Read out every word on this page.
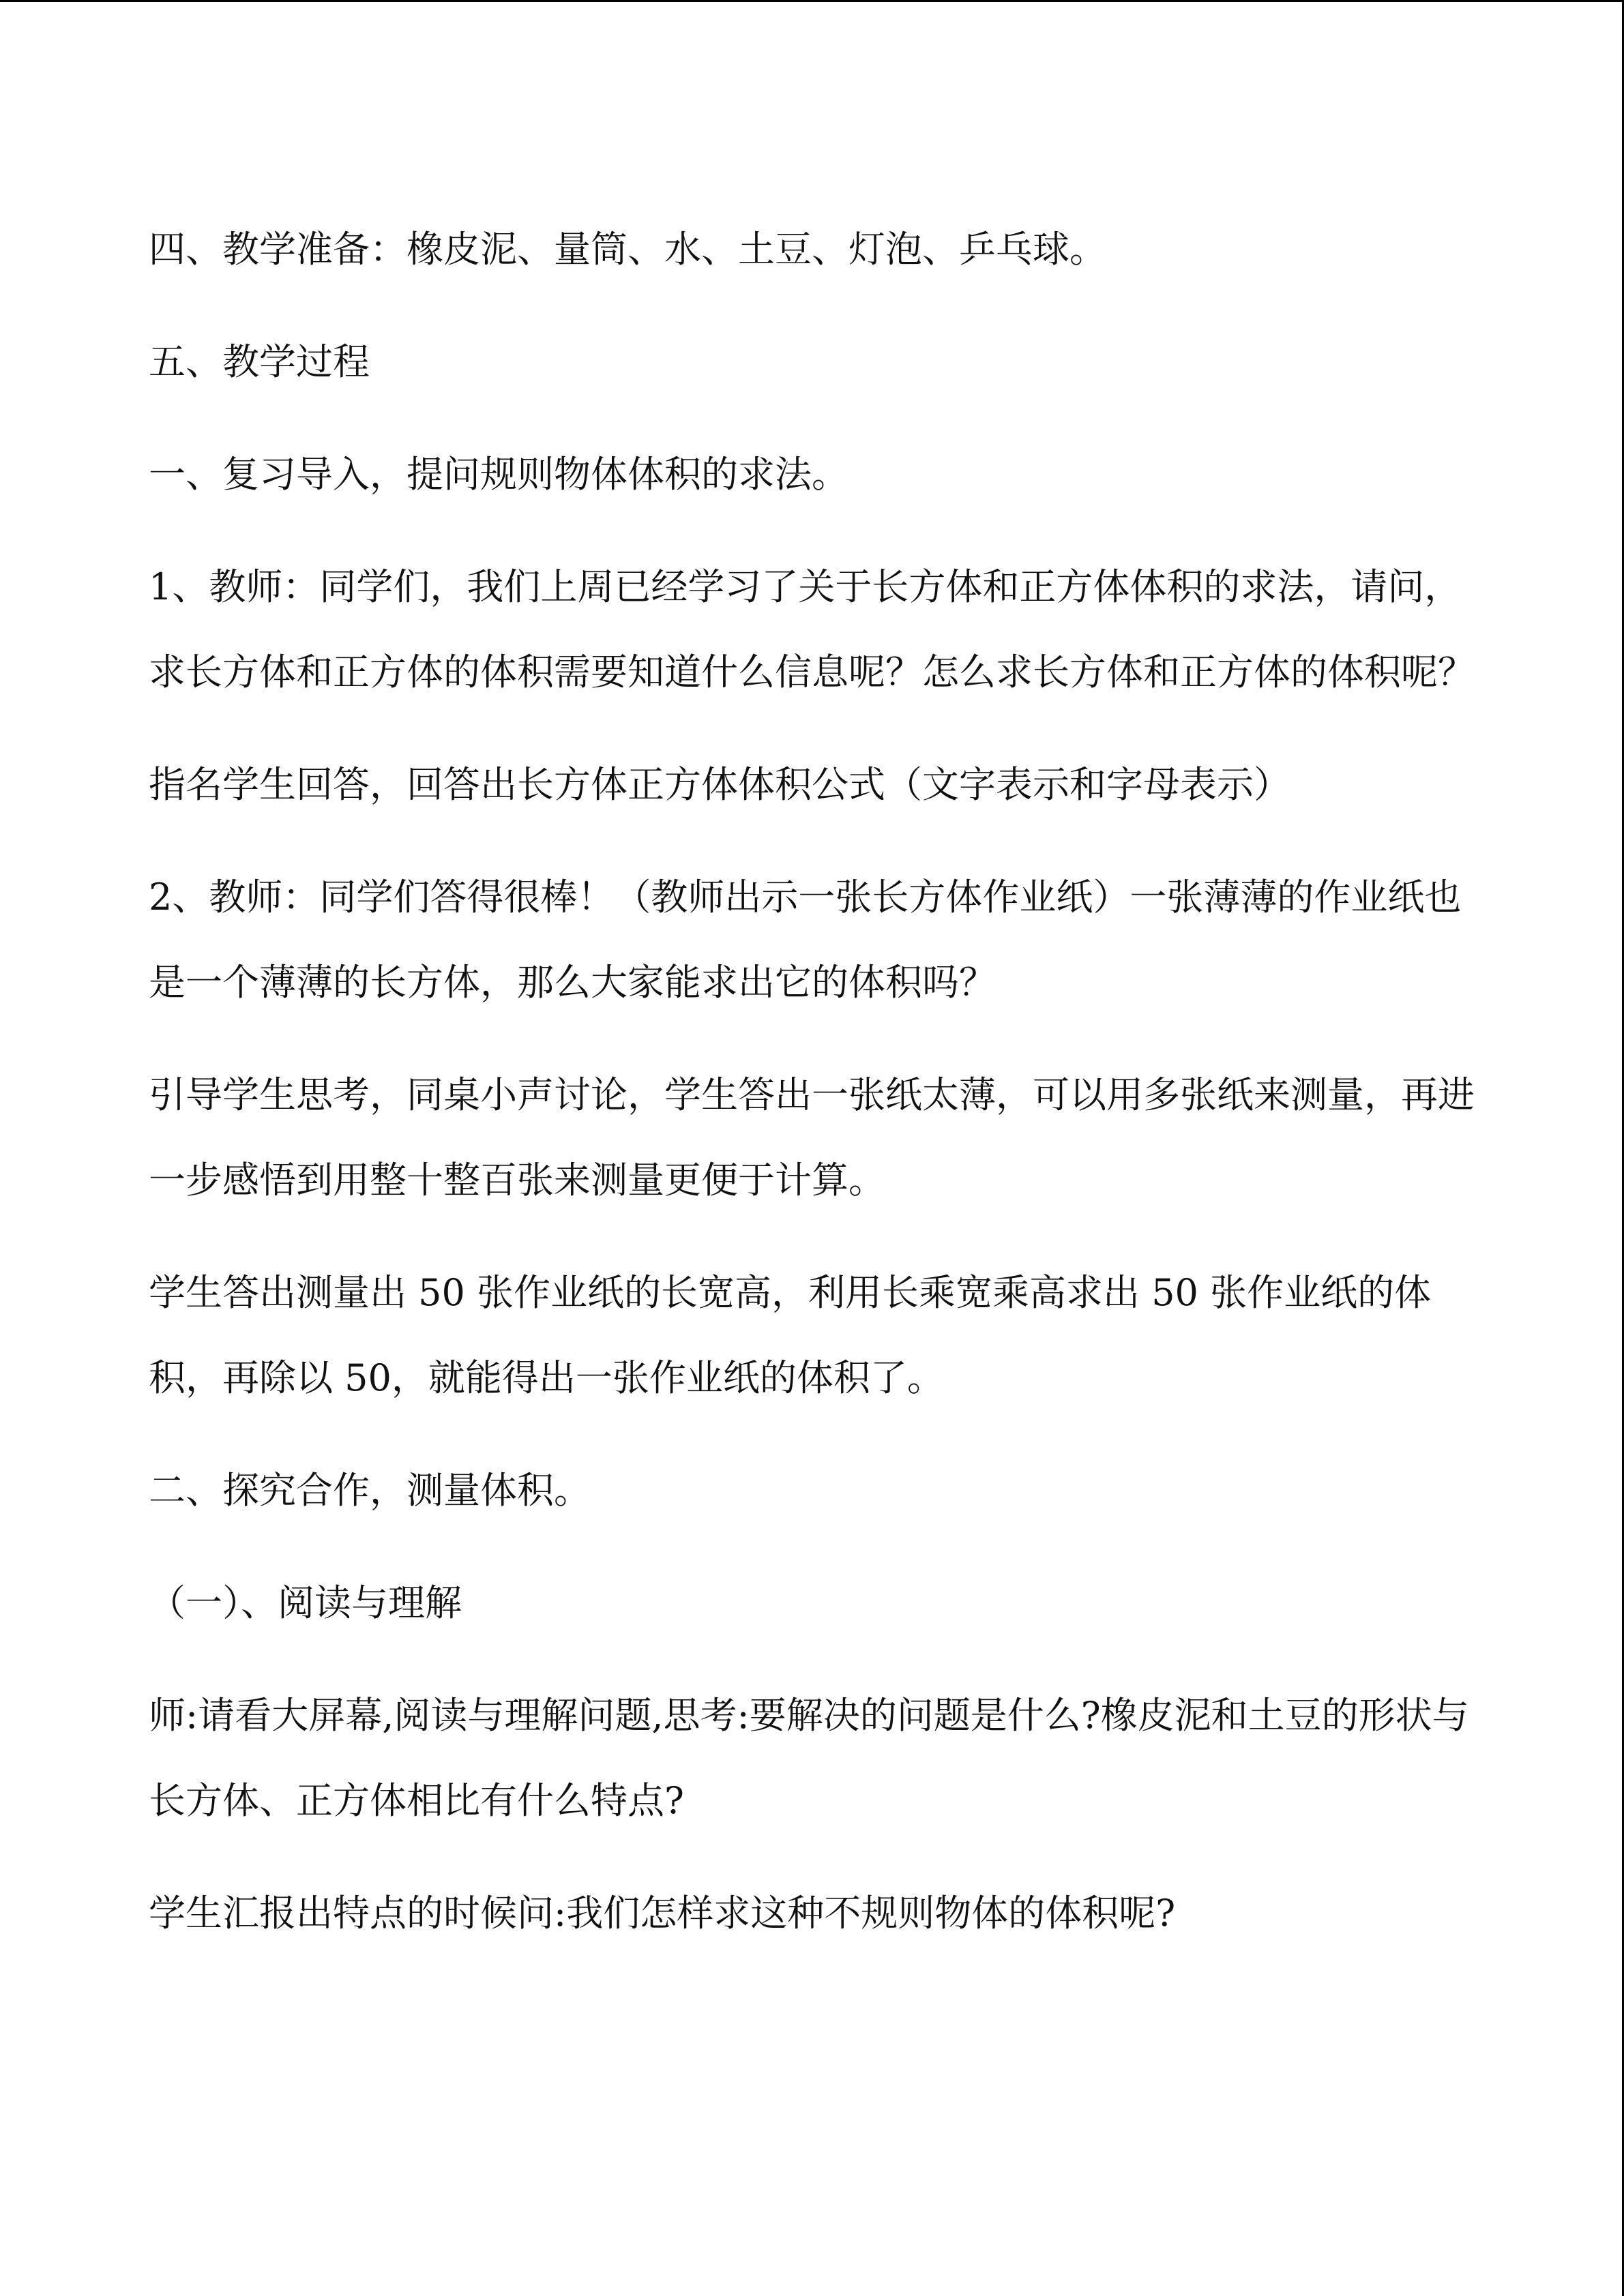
四、教学准备：橡皮泥、量筒、水、土豆、灯泡、乒乓球。

五、教学过程

一、复习导入，提问规则物体体积的求法。

1、教师：同学们，我们上周已经学习了关于长方体和正方体体积的求法，请问，求长方体和正方体的体积需要知道什么信息呢？怎么求长方体和正方体的体积呢？

指名学生回答，回答出长方体正方体体积公式（文字表示和字母表示）

2、教师：同学们答得很棒！（教师出示一张长方体作业纸）一张薄薄的作业纸也是一个薄薄的长方体，那么大家能求出它的体积吗？

引导学生思考，同桌小声讨论，学生答出一张纸太薄，可以用多张纸来测量，再进一步感悟到用整十整百张来测量更便于计算。

学生答出测量出 50 张作业纸的长宽高，利用长乘宽乘高求出 50 张作业纸的体积，再除以 50，就能得出一张作业纸的体积了。

二、探究合作，测量体积。

（一）、阅读与理解

师:请看大屏幕,阅读与理解问题,思考:要解决的问题是什么?橡皮泥和土豆的形状与长方体、正方体相比有什么特点?

学生汇报出特点的时候问:我们怎样求这种不规则物体的体积呢?
